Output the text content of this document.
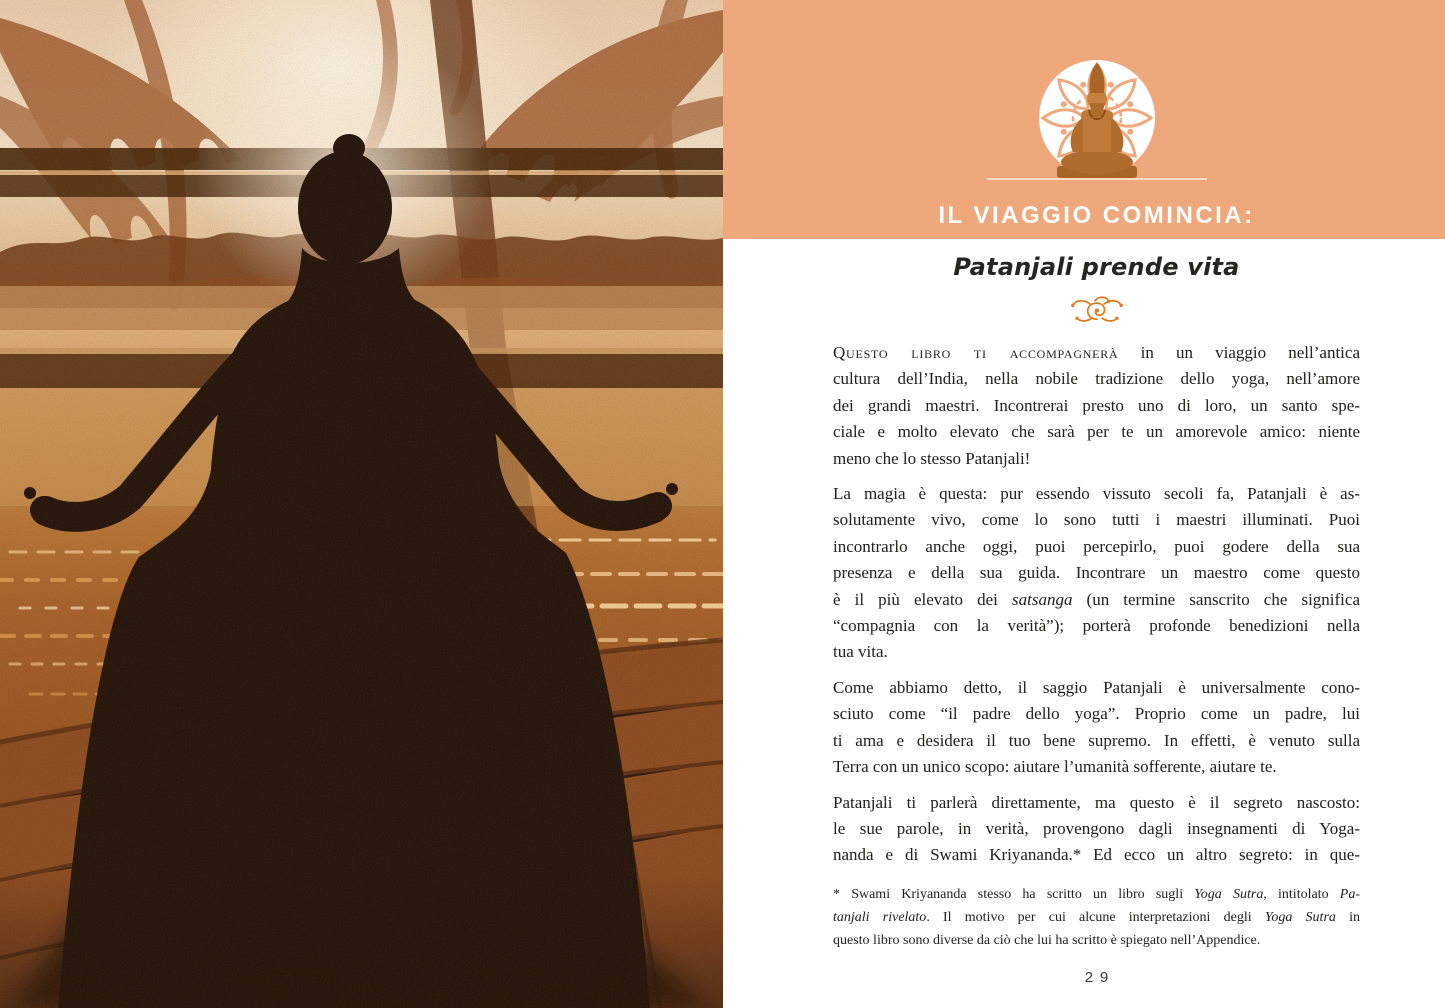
IL VIAGGIO COMINCIA:
Patanjali prende vita
Questo libro ti accompagnerà in un viaggio nell’antica
cultura dell’India, nella nobile tradizione dello yoga, nell’amore
dei grandi maestri. Incontrerai presto uno di loro, un santo spe-
ciale e molto elevato che sarà per te un amorevole amico: niente
meno che lo stesso Patanjali!
La magia è questa: pur essendo vissuto secoli fa, Patanjali è as-
solutamente vivo, come lo sono tutti i maestri illuminati. Puoi
incontrarlo anche oggi, puoi percepirlo, puoi godere della sua
presenza e della sua guida. Incontrare un maestro come questo
è il più elevato dei satsanga (un termine sanscrito che significa
“compagnia con la verità”); porterà profonde benedizioni nella
tua vita.
Come abbiamo detto, il saggio Patanjali è universalmente cono-
sciuto come “il padre dello yoga”. Proprio come un padre, lui
ti ama e desidera il tuo bene supremo. In effetti, è venuto sulla
Terra con un unico scopo: aiutare l’umanità sofferente, aiutare te.
Patanjali ti parlerà direttamente, ma questo è il segreto nascosto:
le sue parole, in verità, provengono dagli insegnamenti di Yoga-
nanda e di Swami Kriyananda.* Ed ecco un altro segreto: in que-
* Swami Kriyananda stesso ha scritto un libro sugli Yoga Sutra, intitolato Pa-
tanjali rivelato. Il motivo per cui alcune interpretazioni degli Yoga Sutra in
questo libro sono diverse da ciò che lui ha scritto è spiegato nell’Appendice.
29
